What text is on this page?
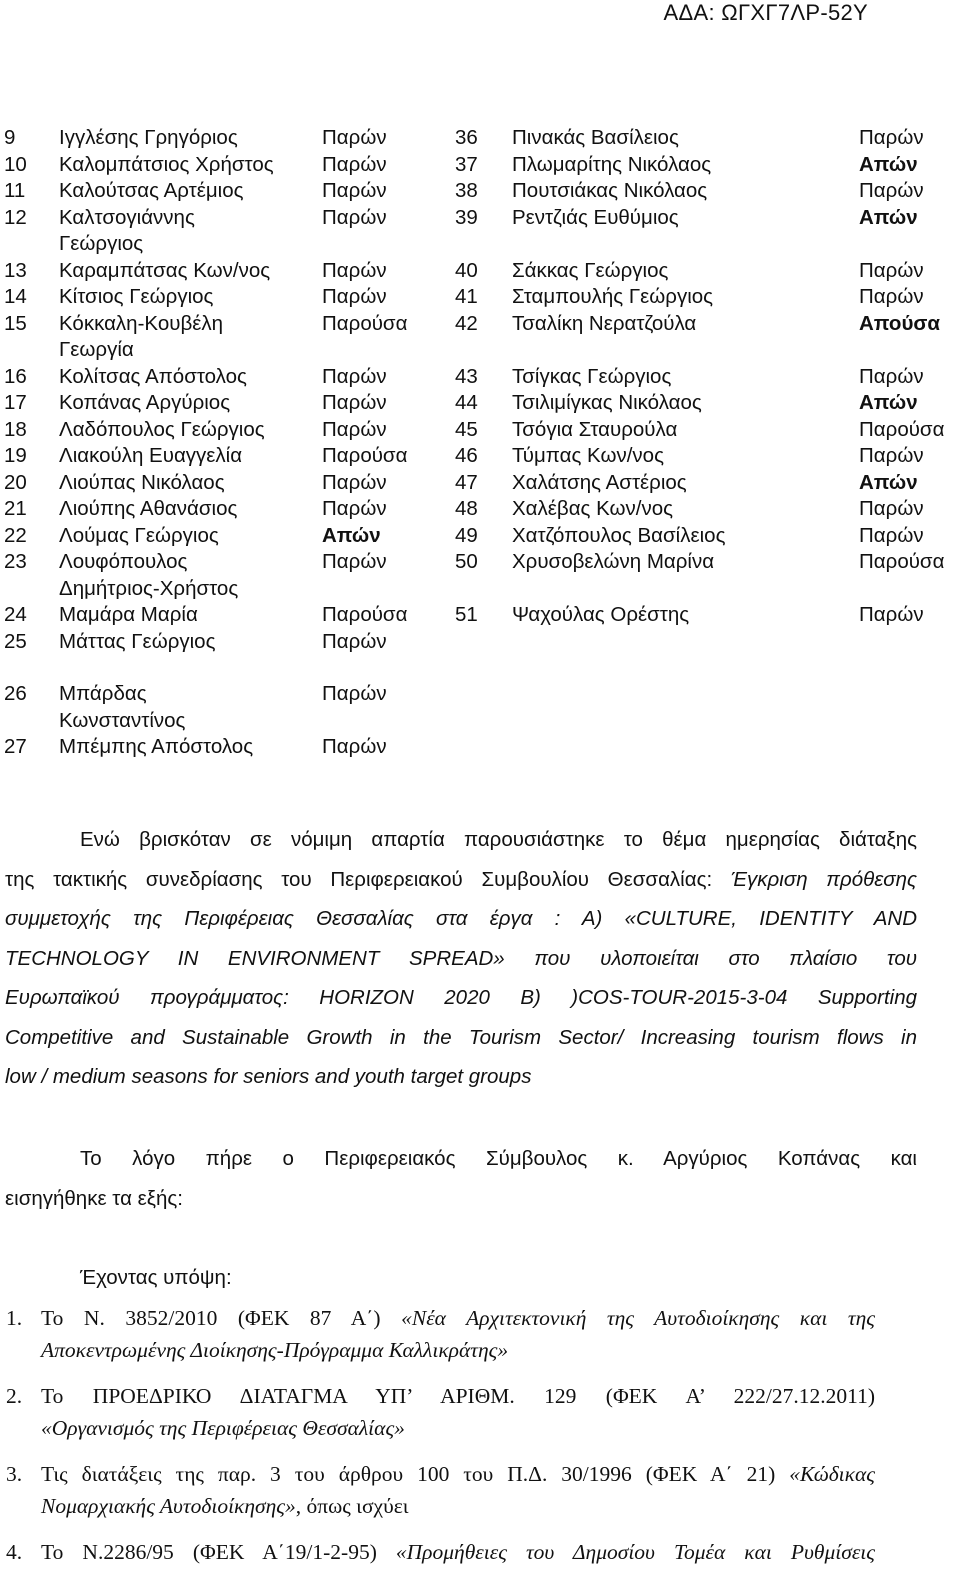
ΑΔΑ: ΩΓΧΓ7ΛΡ-52Υ
9 Ιγγλέσης Γρηγόριος	Παρών
10 Καλομπάτσιος Χρήστος Παρών
11 Καλούτσας Αρτέμιος	Παρών
12 Καλτσογιάννης	Παρών
Γεώργιος
13 Καραμπάτσας Κων/νος	Παρών
14 Κίτσιος Γεώργιος	Παρών
15 Κόκκαλη-Κουβέλη	Παρούσα
Γεωργία
16 Κολίτσας Απόστολος	Παρών
17 Κοπάνας Αργύριος	Παρών
18 Λαδόπουλος Γεώργιος	Παρών
19 Λιακούλη Ευαγγελία	Παρούσα
20 Λιούπας Νικόλαος	Παρών
21 Λιούπης Αθανάσιος	Παρών
22 Λούμας Γεώργιος	Απών
23 Λουφόπουλος	Παρών
Δημήτριος-Χρήστος
24 Μαμάρα Μαρία	Παρούσα
25 Μάττας Γεώργιος	Παρών
26 Μπάρδας	Παρών
Κωνσταντίνος
27 Μπέμπης Απόστολος	Παρών
36 Πινακάς Βασίλειος	Παρών
37 Πλωμαρίτης Νικόλαος	Απών
38 Πουτσιάκας Νικόλαος	Παρών
39 Ρεντζιάς Ευθύμιος	Απών
40 Σάκκας Γεώργιος	Παρών
41 Σταμπουλής Γεώργιος	Παρών
42 Τσαλίκη Νερατζούλα	Απούσα
43 Τσίγκας Γεώργιος	Παρών
44 Τσιλιμίγκας Νικόλαος	Απών
45 Τσόγια Σταυρούλα	Παρούσα
46 Τύμπας Κων/νος	Παρών
47 Χαλάτσης Αστέριος	Απών
48 Χαλέβας Κων/νος	Παρών
49 Χατζόπουλος Βασίλειος	Παρών
50 Χρυσοβελώνη Μαρίνα	Παρούσα
51 Ψαχούλας Ορέστης	Παρών
Ενώ βρισκόταν σε νόμιμη απαρτία παρουσιάστηκε το θέμα ημερησίας διάταξης
της τακτικής συνεδρίασης του Περιφερειακού Συμβουλίου Θεσσαλίας: Έγκριση πρόθεσης
συμμετοχής της Περιφέρειας Θεσσαλίας στα έργα : Α) «CULTURE, IDENTITY AND
TECHNOLOGY IN ENVIRONMENT SPREAD» που υλοποιείται στο πλαίσιο του
Ευρωπαϊκού προγράμματος: HORIZON 2020 B) )COS-TOUR-2015-3-04 Supporting
Competitive and Sustainable Growth in the Tourism Sector/ Increasing tourism flows in
low / medium seasons for seniors and youth target groups
Το λόγο πήρε ο Περιφερειακός Σύμβουλος κ. Αργύριος Κοπάνας και
εισηγήθηκε τα εξής:
Έχοντας υπόψη:
1. Το Ν. 3852/2010 (ΦΕΚ 87 Α΄) «Νέα Αρχιτεκτονική της Αυτοδιοίκησης και της
Αποκεντρωμένης Διοίκησης-Πρόγραμμα Καλλικράτης»
2. Το ΠΡΟΕΔΡΙΚΟ ΔΙΑΤΑΓΜΑ ΥΠ’ ΑΡΙΘΜ. 129 (ΦΕΚ Α’ 222/27.12.2011)
«Οργανισμός της Περιφέρειας Θεσσαλίας»
3. Τις διατάξεις της παρ. 3 του άρθρου 100 του Π.Δ. 30/1996 (ΦΕΚ Α΄ 21) «Κώδικας
Νομαρχιακής Αυτοδιοίκησης», όπως ισχύει
4. Το Ν.2286/95 (ΦΕΚ Α΄19/1-2-95) «Προμήθειες του Δημοσίου Τομέα και Ρυθμίσεις
